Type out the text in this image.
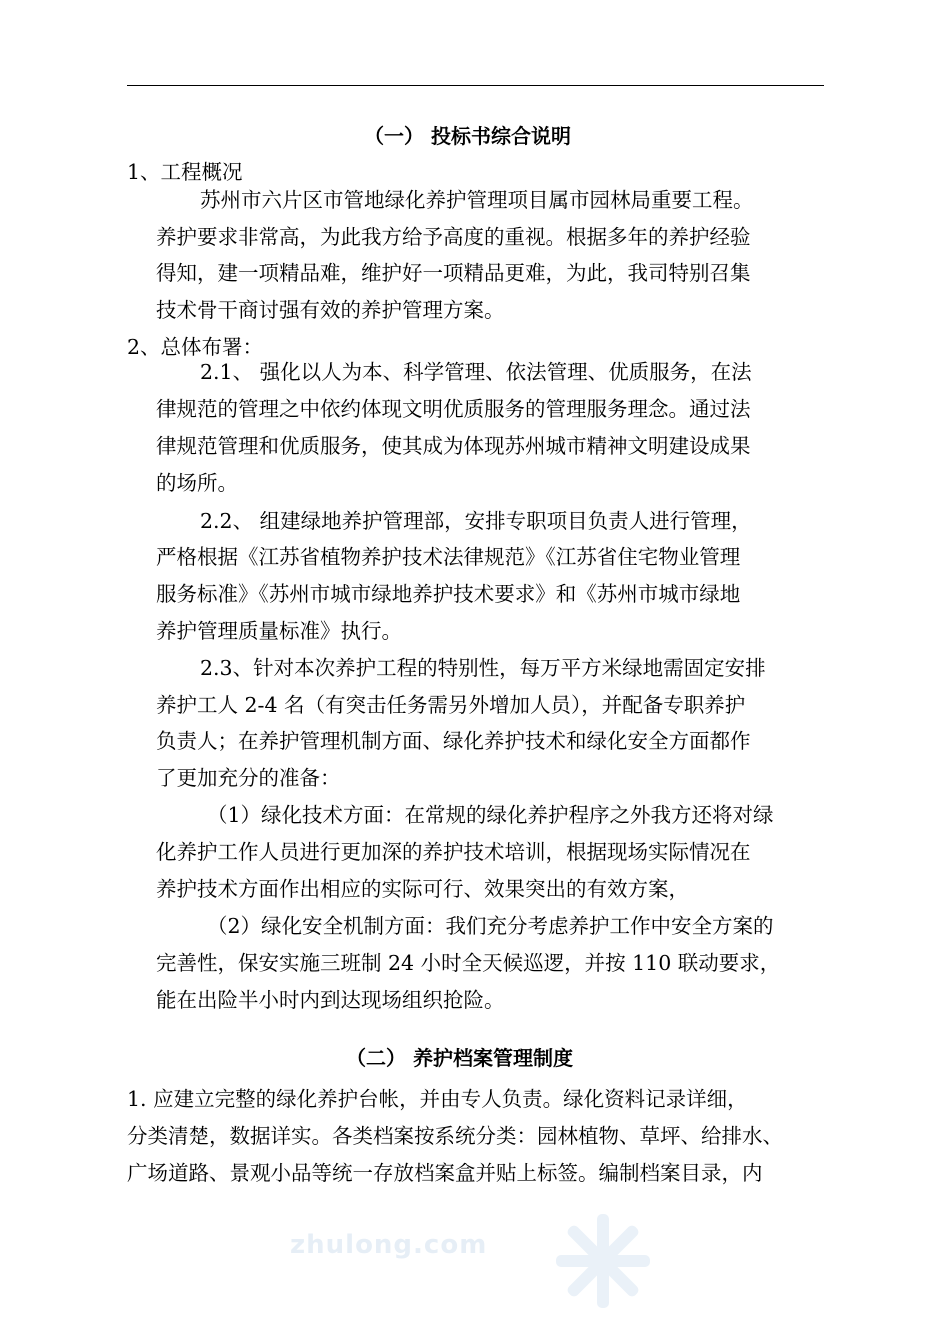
（一） 投标书综合说明
1、工程概况
苏州市六片区市管地绿化养护管理项目属市园林局重要工程。
养护要求非常高，为此我方给予高度的重视。根据多年的养护经验
得知，建一项精品难，维护好一项精品更难，为此，我司特别召集
技术骨干商讨强有效的养护管理方案。
2、总体布署：
2.1、 强化以人为本、科学管理、依法管理、优质服务，在法
律规范的管理之中依约体现文明优质服务的管理服务理念。通过法
律规范管理和优质服务，使其成为体现苏州城市精神文明建设成果
的场所。
2.2、 组建绿地养护管理部，安排专职项目负责人进行管理，
严格根据《江苏省植物养护技术法律规范》《江苏省住宅物业管理
服务标准》《苏州市城市绿地养护技术要求》和《苏州市城市绿地
养护管理质量标准》执行。
2.3、针对本次养护工程的特别性，每万平方米绿地需固定安排
养护工人 2-4 名（有突击任务需另外增加人员），并配备专职养护
负责人；在养护管理机制方面、绿化养护技术和绿化安全方面都作
了更加充分的准备：
（1）绿化技术方面：在常规的绿化养护程序之外我方还将对绿
化养护工作人员进行更加深的养护技术培训，根据现场实际情况在
养护技术方面作出相应的实际可行、效果突出的有效方案，
（2）绿化安全机制方面：我们充分考虑养护工作中安全方案的
完善性，保安实施三班制 24 小时全天候巡逻，并按 110 联动要求，
能在出险半小时内到达现场组织抢险。
（二） 养护档案管理制度
1. 应建立完整的绿化养护台帐，并由专人负责。绿化资料记录详细，
分类清楚，数据详实。各类档案按系统分类：园林植物、草坪、给排水、
广场道路、景观小品等统一存放档案盒并贴上标签。编制档案目录，内
zhulong.com
